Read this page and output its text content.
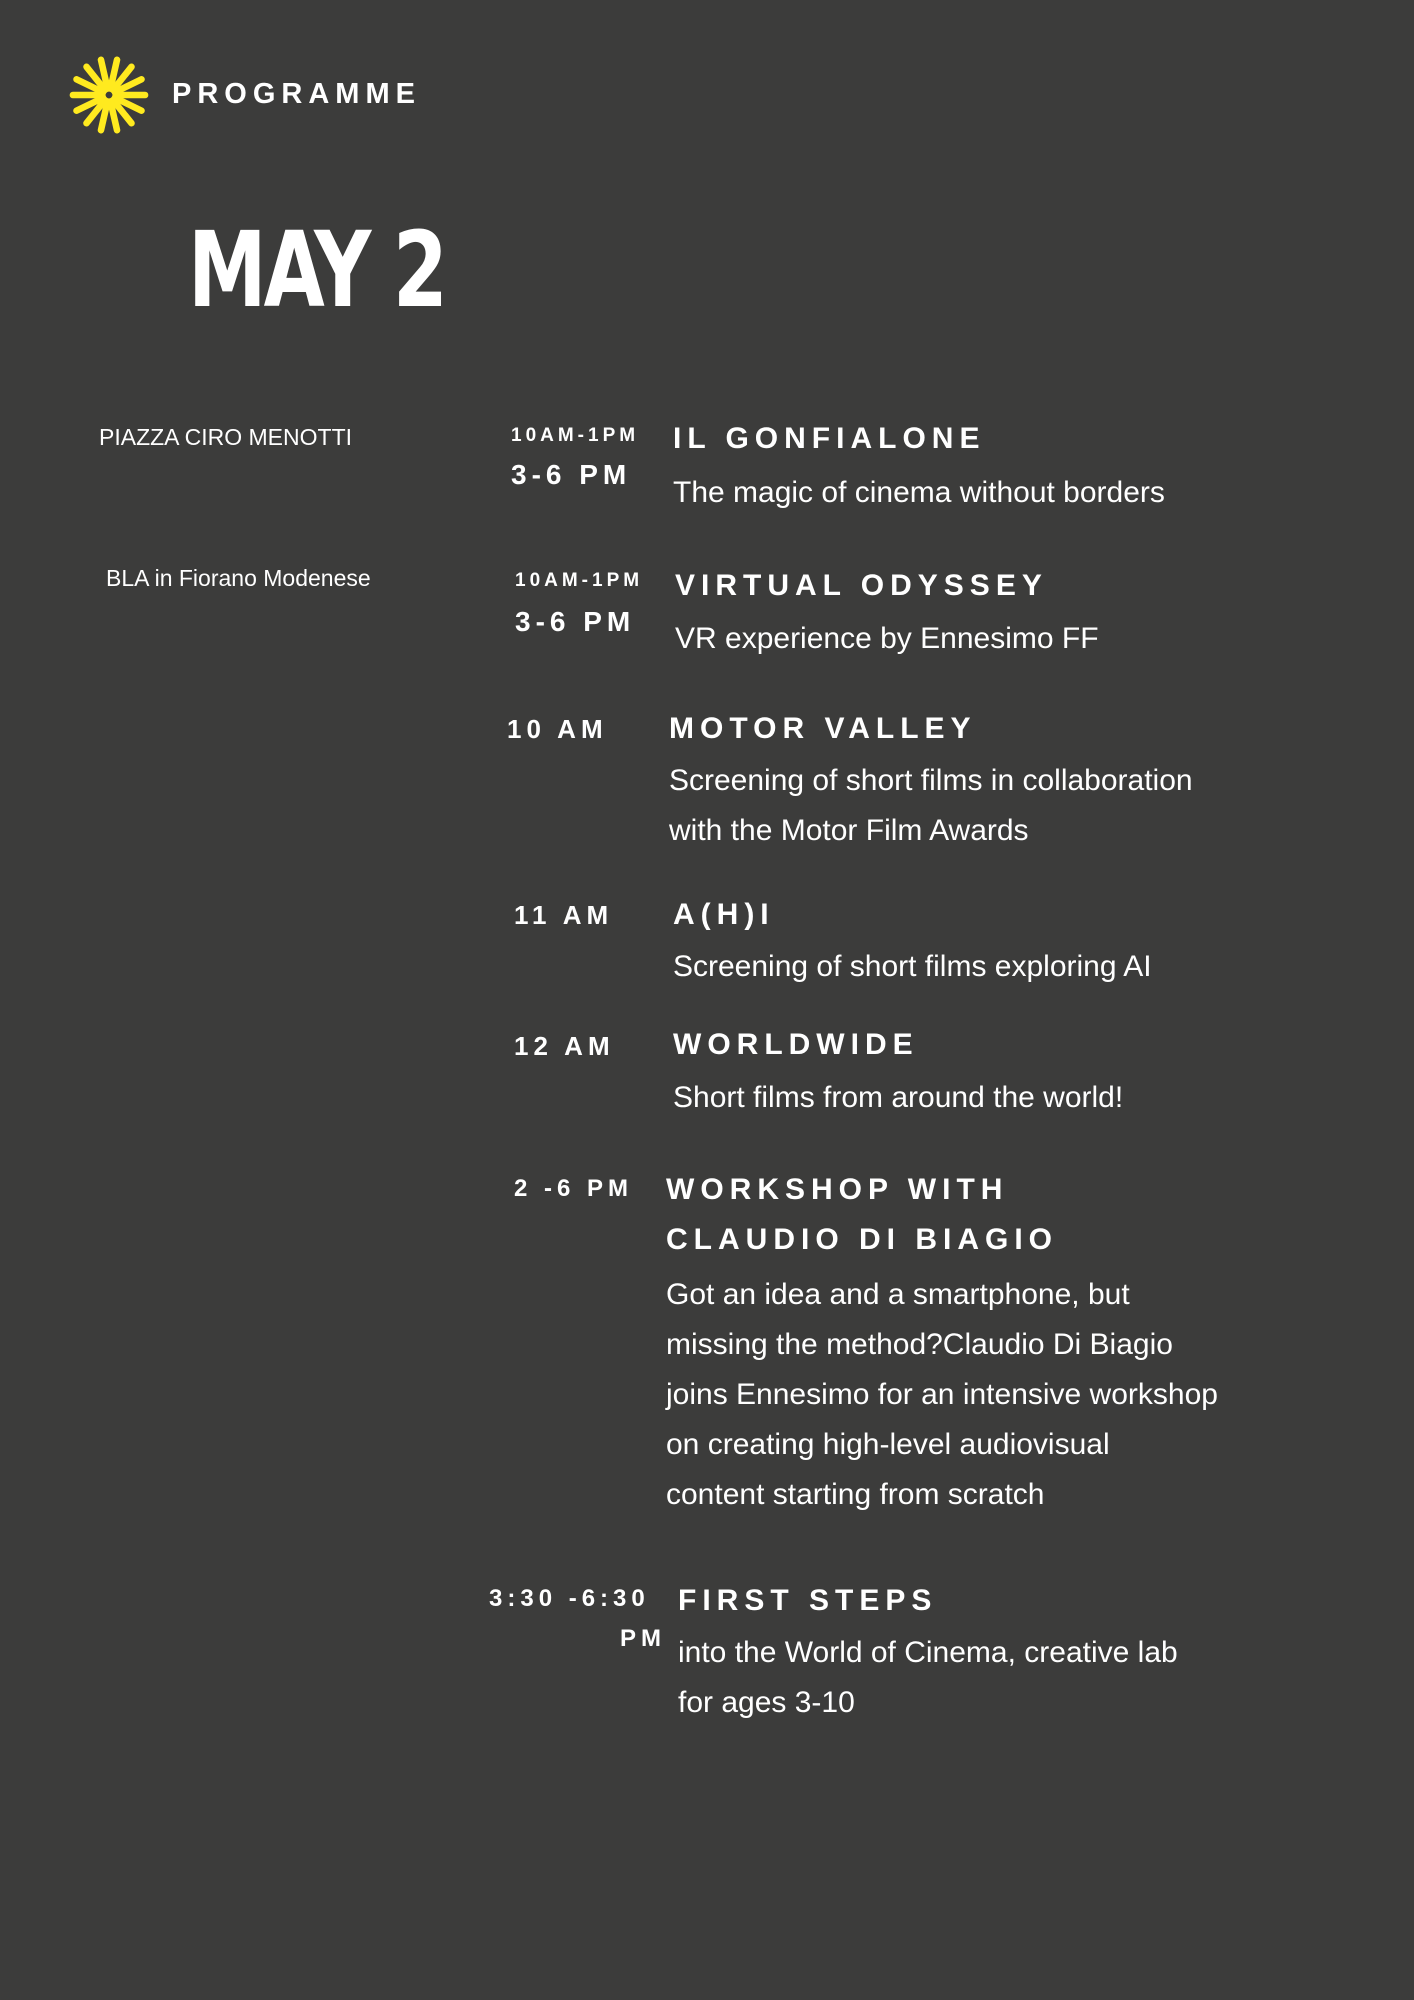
PROGRAMME
MAY 2
PIAZZA CIRO MENOTTI
BLA in Fiorano Modenese
10AM-1PM
3-6 PM
IL GONFIALONE
The magic of cinema without borders
10AM-1PM
3-6 PM
VIRTUAL ODYSSEY
VR experience by Ennesimo FF
10 AM MOTOR VALLEY
Screening of short films in collaboration
with the Motor Film Awards
11 AM A(H)I
Screening of short films exploring AI
12 AM WORLDWIDE
Short films from around the world!
2 -6 PM WORKSHOP WITH
CLAUDIO DI BIAGIO
Got an idea and a smartphone, but
missing the method?Claudio Di Biagio
joins Ennesimo for an intensive workshop
on creating high-level audiovisual
content starting from scratch
3:30 -6:30
PM
FIRST STEPS
into the World of Cinema, creative lab
for ages 3-10
